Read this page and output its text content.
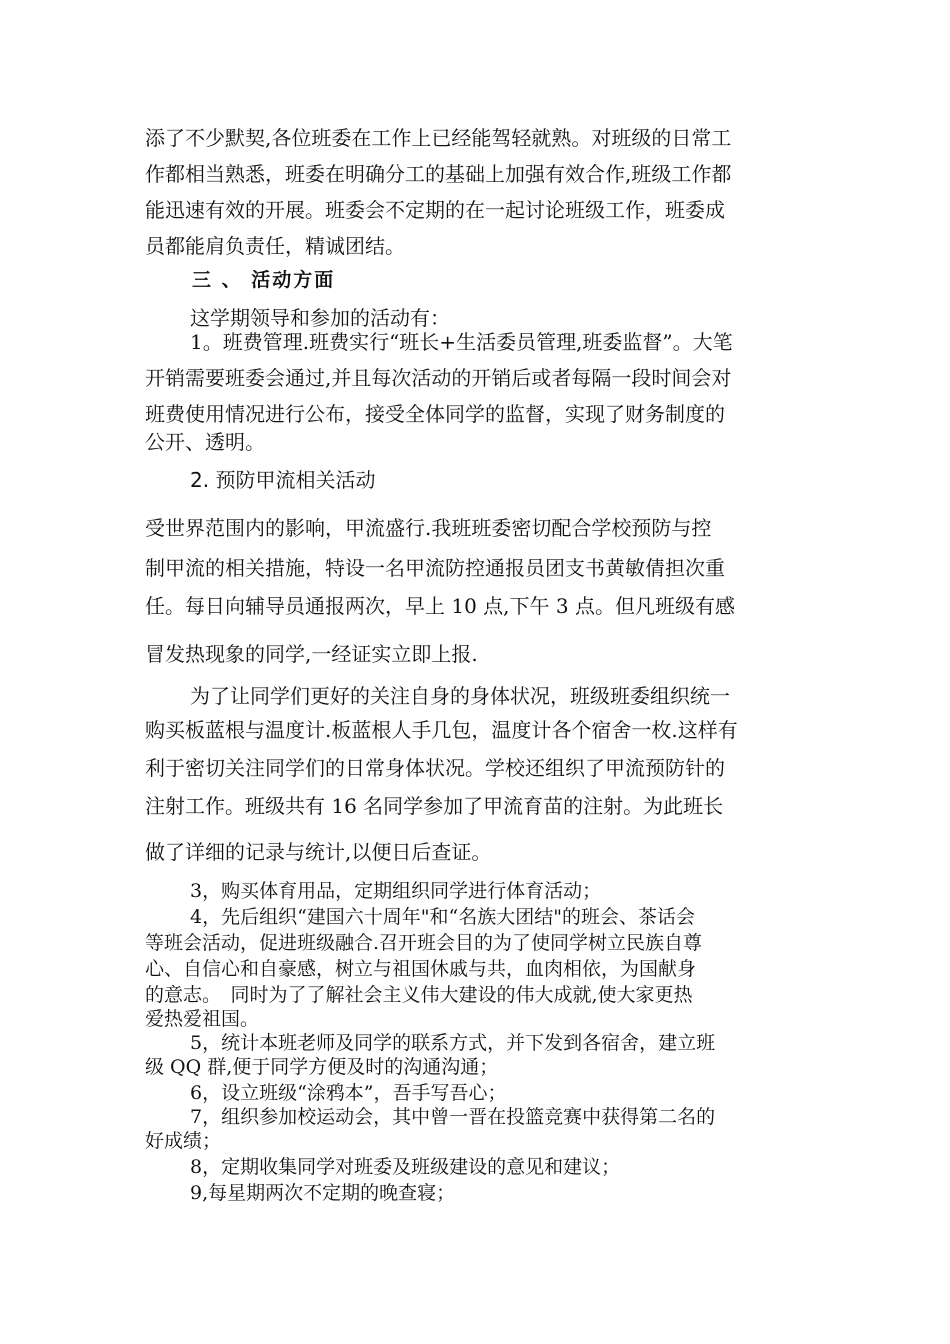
添了不少默契,各位班委在工作上已经能驾轻就熟。对班级的日常工
作都相当熟悉，班委在明确分工的基础上加强有效合作,班级工作都
能迅速有效的开展。班委会不定期的在一起讨论班级工作，班委成
员都能肩负责任，精诚团结。
三 、 活动方面
这学期领导和参加的活动有：
1。班费管理.班费实行“班长+生活委员管理,班委监督”。大笔
开销需要班委会通过,并且每次活动的开销后或者每隔一段时间会对
班费使用情况进行公布，接受全体同学的监督，实现了财务制度的
公开、透明。
2. 预防甲流相关活动
受世界范围内的影响，甲流盛行.我班班委密切配合学校预防与控
制甲流的相关措施，特设一名甲流防控通报员团支书黄敏倩担次重
任。每日向辅导员通报两次，早上 10 点,下午 3 点。但凡班级有感
冒发热现象的同学,一经证实立即上报.
为了让同学们更好的关注自身的身体状况，班级班委组织统一
购买板蓝根与温度计.板蓝根人手几包，温度计各个宿舍一枚.这样有
利于密切关注同学们的日常身体状况。学校还组织了甲流预防针的
注射工作。班级共有 16 名同学参加了甲流育苗的注射。为此班长
做了详细的记录与统计,以便日后查证。
3，购买体育用品，定期组织同学进行体育活动；
4，先后组织“建国六十周年"和“名族大团结"的班会、茶话会
等班会活动，促进班级融合.召开班会目的为了使同学树立民族自尊
心、自信心和自豪感，树立与祖国休戚与共，血肉相依，为国献身
的意志。　同时为了了解社会主义伟大建设的伟大成就,使大家更热
爱热爱祖国。
5，统计本班老师及同学的联系方式，并下发到各宿舍，建立班
级 QQ 群,便于同学方便及时的沟通沟通；
6，设立班级“涂鸦本”，吾手写吾心；
7，组织参加校运动会，其中曾一晋在投篮竞赛中获得第二名的
好成绩；
8，定期收集同学对班委及班级建设的意见和建议；
9,每星期两次不定期的晚查寝；
